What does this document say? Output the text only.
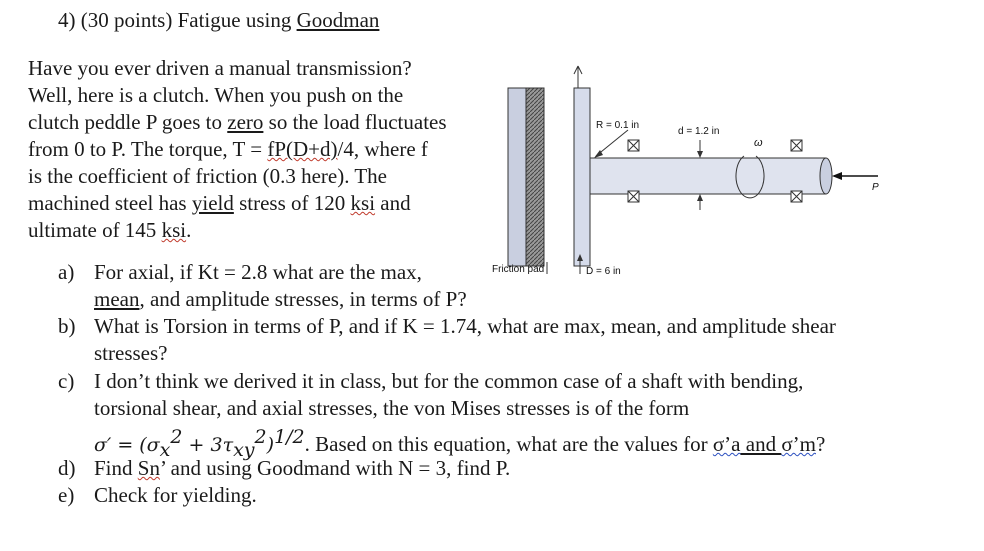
4) (30 points) Fatigue using Goodman
Have you ever driven a manual transmission?
Well, here is a clutch. When you push on the
clutch peddle P goes to zero so the load fluctuates
from 0 to P. The torque, T = fP(D+d)/4, where f
is the coefficient of friction (0.3 here). The
machined steel has yield stress of 120 ksi and
ultimate of 145 ksi.
R = 0.1 in
d = 1.2 in
ω
P
Friction pad	D = 6 in
a) For axial, if Kt = 2.8 what are the max,
mean, and amplitude stresses, in terms of P?
b) What is Torsion in terms of P, and if K = 1.74, what are max, mean, and amplitude shear
stresses?
c) I don’t think we derived it in class, but for the common case of a shaft with bending,
torsional shear, and axial stresses, the von Mises stresses is of the form
$\sigma' = (\sigma_x^2 + 3\tau_{xy}^2)^{1/2}$. Based on this equation, what are the values for σ’a and σ’m?
d) Find Sn’ and using Goodmand with N = 3, find P.
e) Check for yielding.
